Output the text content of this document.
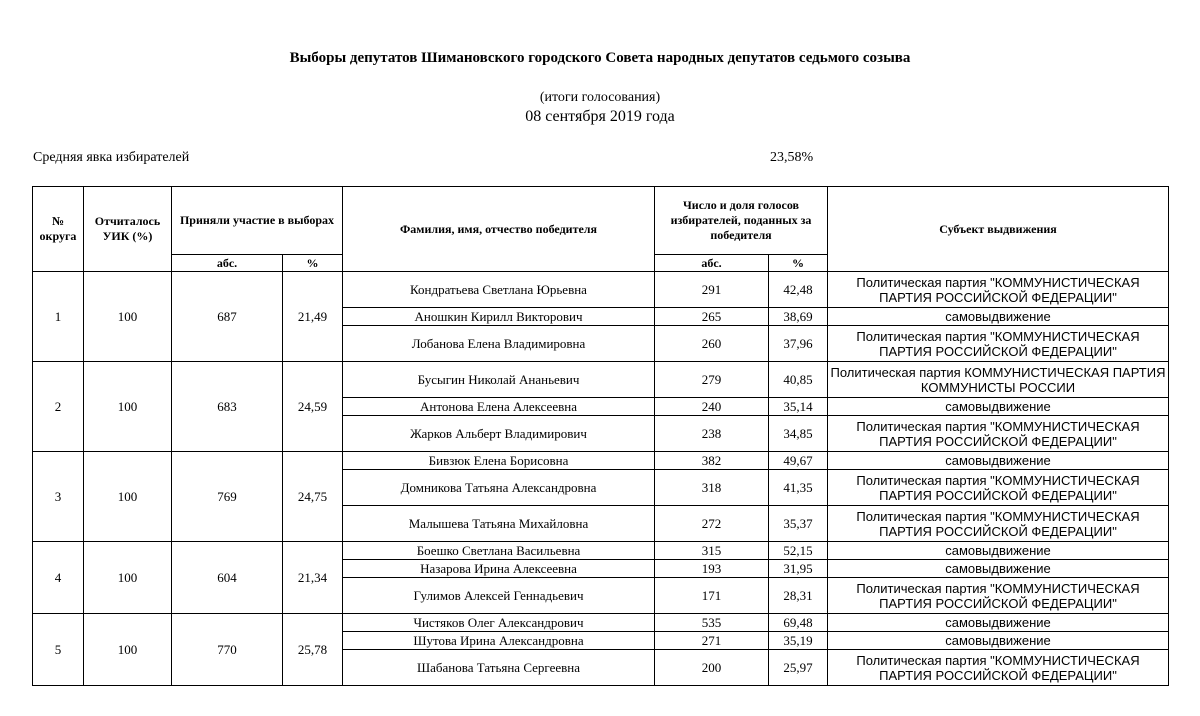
Выборы депутатов Шимановского городского Совета народных депутатов седьмого созыва
(итоги голосования)
08 сентября 2019 года
Средняя явка избирателей	23,58%
№ округа	Отчиталось УИК (%)	Приняли участие в выборах		Фамилия, имя, отчество победителя	Число и доля голосов избирателей, поданных за победителя		Субъект выдвижения
		абс.	%		абс.	%	
1	100	687	21,49	Кондратьева Светлана Юрьевна	291	42,48	Политическая партия "КОММУНИСТИЧЕСКАЯ ПАРТИЯ РОССИЙСКОЙ ФЕДЕРАЦИИ"
				Аношкин Кирилл Викторович	265	38,69	самовыдвижение
				Лобанова Елена Владимировна	260	37,96	Политическая партия "КОММУНИСТИЧЕСКАЯ ПАРТИЯ РОССИЙСКОЙ ФЕДЕРАЦИИ"
2	100	683	24,59	Бусыгин Николай Ананьевич	279	40,85	Политическая партия КОММУНИСТИЧЕСКАЯ ПАРТИЯ КОММУНИСТЫ РОССИИ
				Антонова Елена Алексеевна	240	35,14	самовыдвижение
				Жарков Альберт Владимирович	238	34,85	Политическая партия "КОММУНИСТИЧЕСКАЯ ПАРТИЯ РОССИЙСКОЙ ФЕДЕРАЦИИ"
3	100	769	24,75	Бивзюк Елена Борисовна	382	49,67	самовыдвижение
				Домникова Татьяна Александровна	318	41,35	Политическая партия "КОММУНИСТИЧЕСКАЯ ПАРТИЯ РОССИЙСКОЙ ФЕДЕРАЦИИ"
				Малышева Татьяна Михайловна	272	35,37	Политическая партия "КОММУНИСТИЧЕСКАЯ ПАРТИЯ РОССИЙСКОЙ ФЕДЕРАЦИИ"
4	100	604	21,34	Боешко Светлана Васильевна	315	52,15	самовыдвижение
				Назарова Ирина Алексеевна	193	31,95	самовыдвижение
				Гулимов Алексей Геннадьевич	171	28,31	Политическая партия "КОММУНИСТИЧЕСКАЯ ПАРТИЯ РОССИЙСКОЙ ФЕДЕРАЦИИ"
5	100	770	25,78	Чистяков Олег Александрович	535	69,48	самовыдвижение
				Шутова Ирина Александровна	271	35,19	самовыдвижение
				Шабанова Татьяна Сергеевна	200	25,97	Политическая партия "КОММУНИСТИЧЕСКАЯ ПАРТИЯ РОССИЙСКОЙ ФЕДЕРАЦИИ"
